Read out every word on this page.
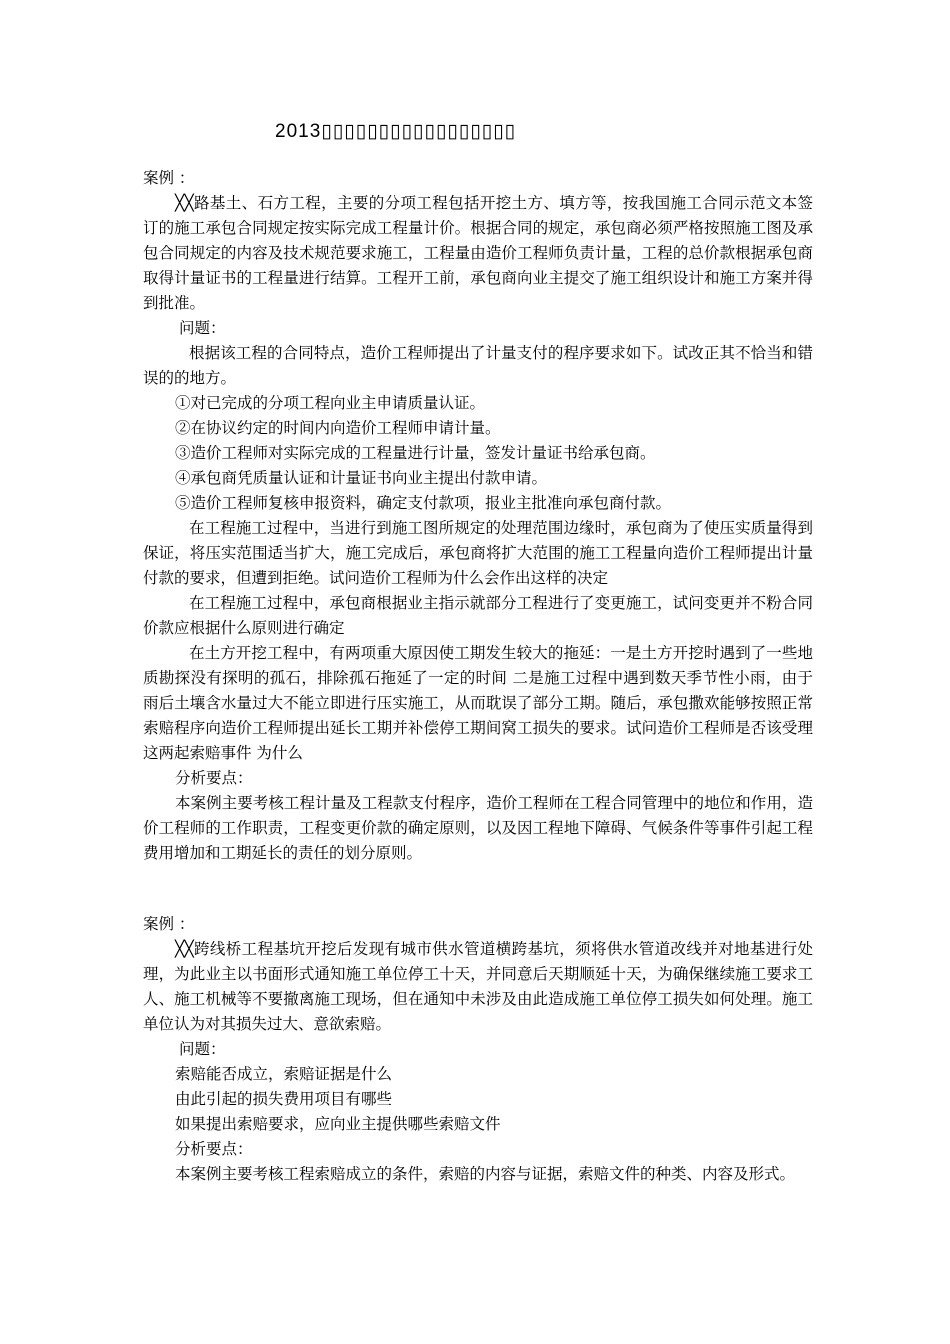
2013▯▯▯▯▯▯▯▯▯▯▯▯▯▯▯▯▯

案例 ：

╳╳路基土、石方工程，主要的分项工程包括开挖土方、填方等，按我国施工合同示范文本签订的施工承包合同规定按实际完成工程量计价。根据合同的规定，承包商必须严格按照施工图及承包合同规定的内容及技术规范要求施工，工程量由造价工程师负责计量，工程的总价款根据承包商取得计量证书的工程量进行结算。工程开工前，承包商向业主提交了施工组织设计和施工方案并得到批准。

问题：

根据该工程的合同特点，造价工程师提出了计量支付的程序要求如下。试改正其不恰当和错误的的地方。

①对已完成的分项工程向业主申请质量认证。

②在协议约定的时间内向造价工程师申请计量。

③造价工程师对实际完成的工程量进行计量，签发计量证书给承包商。

④承包商凭质量认证和计量证书向业主提出付款申请。

⑤造价工程师复核申报资料，确定支付款项，报业主批准向承包商付款。

在工程施工过程中，当进行到施工图所规定的处理范围边缘时，承包商为了使压实质量得到保证，将压实范围适当扩大，施工完成后，承包商将扩大范围的施工工程量向造价工程师提出计量付款的要求，但遭到拒绝。试问造价工程师为什么会作出这样的决定

在工程施工过程中，承包商根据业主指示就部分工程进行了变更施工，试问变更并不粉合同价款应根据什么原则进行确定

在土方开挖工程中，有两项重大原因使工期发生较大的拖延：一是土方开挖时遇到了一些地质勘探没有探明的孤石，排除孤石拖延了一定的时间 二是施工过程中遇到数天季节性小雨，由于雨后土壤含水量过大不能立即进行压实施工，从而耽误了部分工期。随后，承包撒欢能够按照正常索赔程序向造价工程师提出延长工期并补偿停工期间窝工损失的要求。试问造价工程师是否该受理这两起索赔事件 为什么

分析要点：

本案例主要考核工程计量及工程款支付程序，造价工程师在工程合同管理中的地位和作用，造价工程师的工作职责，工程变更价款的确定原则，以及因工程地下障碍、气候条件等事件引起工程费用增加和工期延长的责任的划分原则。

案例 ：

╳╳跨线桥工程基坑开挖后发现有城市供水管道横跨基坑，须将供水管道改线并对地基进行处理，为此业主以书面形式通知施工单位停工十天，并同意后天期顺延十天，为确保继续施工要求工人、施工机械等不要撤离施工现场，但在通知中未涉及由此造成施工单位停工损失如何处理。施工单位认为对其损失过大、意欲索赔。

问题：

索赔能否成立，索赔证据是什么

由此引起的损失费用项目有哪些

如果提出索赔要求，应向业主提供哪些索赔文件

分析要点：

本案例主要考核工程索赔成立的条件，索赔的内容与证据，索赔文件的种类、内容及形式。
